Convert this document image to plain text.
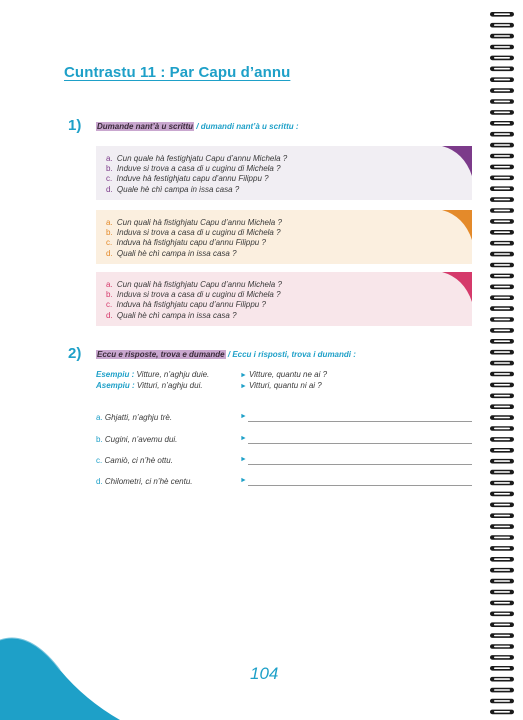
Cuntrastu 11 : Par Capu d’annu
1) Dumande nant’à u scrittu / dumandi nant’à u scrittu :
a. Cun quale hà festighjatu Capu d’annu Michela ?
b. Induve si trova a casa di u cuginu di Michela ?
c. Induve hà festighjatu capu d’annu Filippu ?
d. Quale hè chì campa in issa casa ?
a. Cun quali hà fistighjatu Capu d’annu Michela ?
b. Induva si trova a casa di u cuginu di Michela ?
c. Induva hà fistighjatu capu d’annu Filippu ?
d. Quali hè chì campa in issa casa ?
a. Cun quali hà fistighjatu Capu d’annu Michela ?
b. Induva si trova a casa di u cuginu di Michela ?
c. Induva hà fistighjatu capu d’annu Filippu ?
d. Quali hè chì campa in issa casa ?
2) Eccu e risposte, trova e dumande / Eccu i risposti, trova i dumandi :
Esempiu : Vitture, n’aghju duie.	► Vitture, quantu ne ai ?
Asempiu : Vitturi, n’aghju dui.	► Vitturi, quantu ni ai ?
a. Ghjatti, n’aghju trè.	►
b. Cugini, n’avemu dui.	►
c. Camiò, ci n’hè ottu.	►
d. Chilometri, ci n’hè centu.	►
104
